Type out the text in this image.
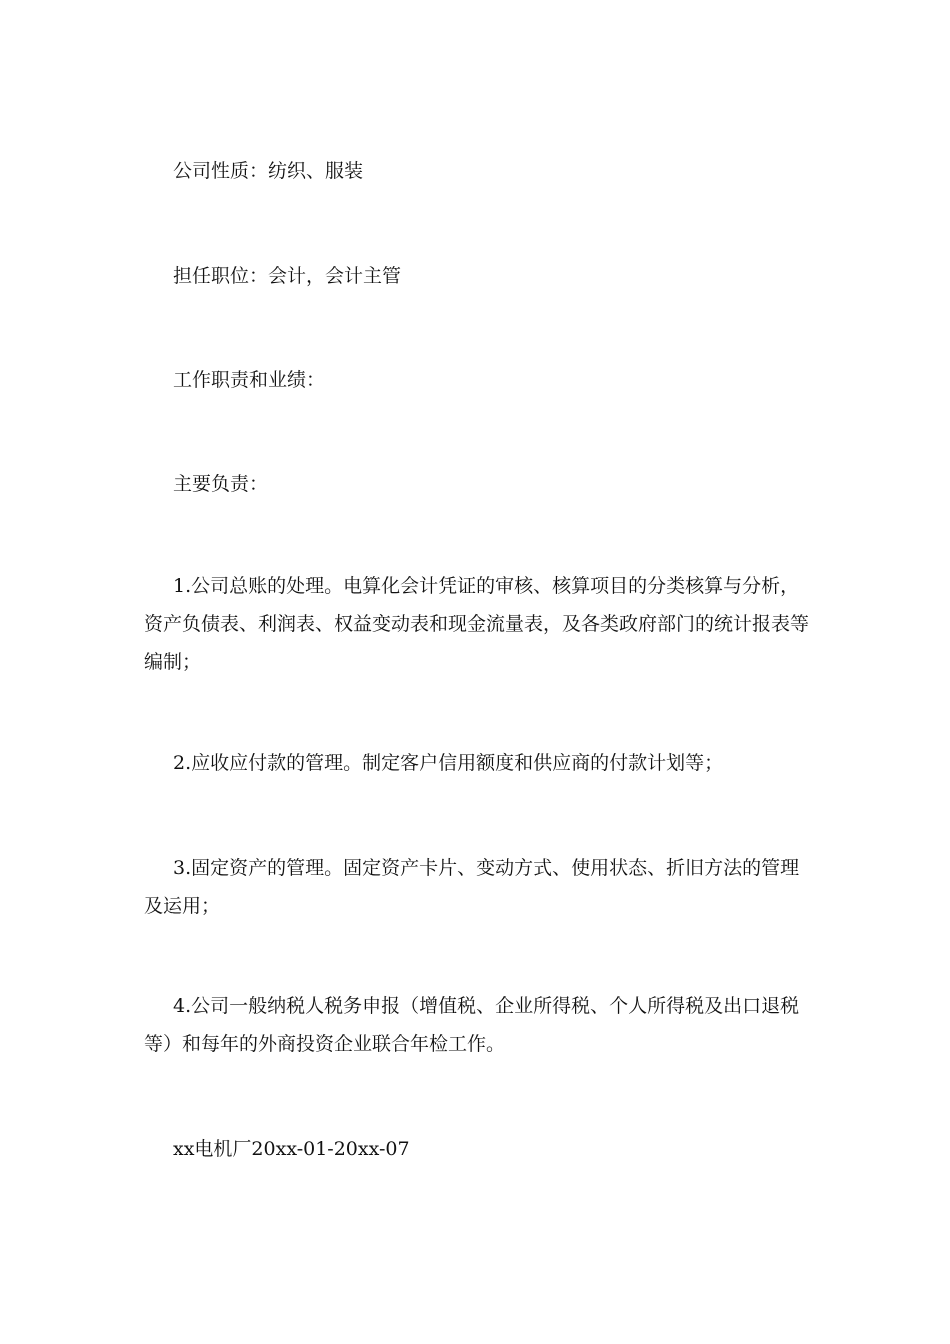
公司性质：纺织、服装

担任职位：会计，会计主管

工作职责和业绩：

主要负责：

1.公司总账的处理。电算化会计凭证的审核、核算项目的分类核算与分析，资产负债表、利润表、权益变动表和现金流量表，及各类政府部门的统计报表等编制；

2.应收应付款的管理。制定客户信用额度和供应商的付款计划等；

3.固定资产的管理。固定资产卡片、变动方式、使用状态、折旧方法的管理及运用；

4.公司一般纳税人税务申报（增值税、企业所得税、个人所得税及出口退税等）和每年的外商投资企业联合年检工作。

xx电机厂20xx-01-20xx-07
